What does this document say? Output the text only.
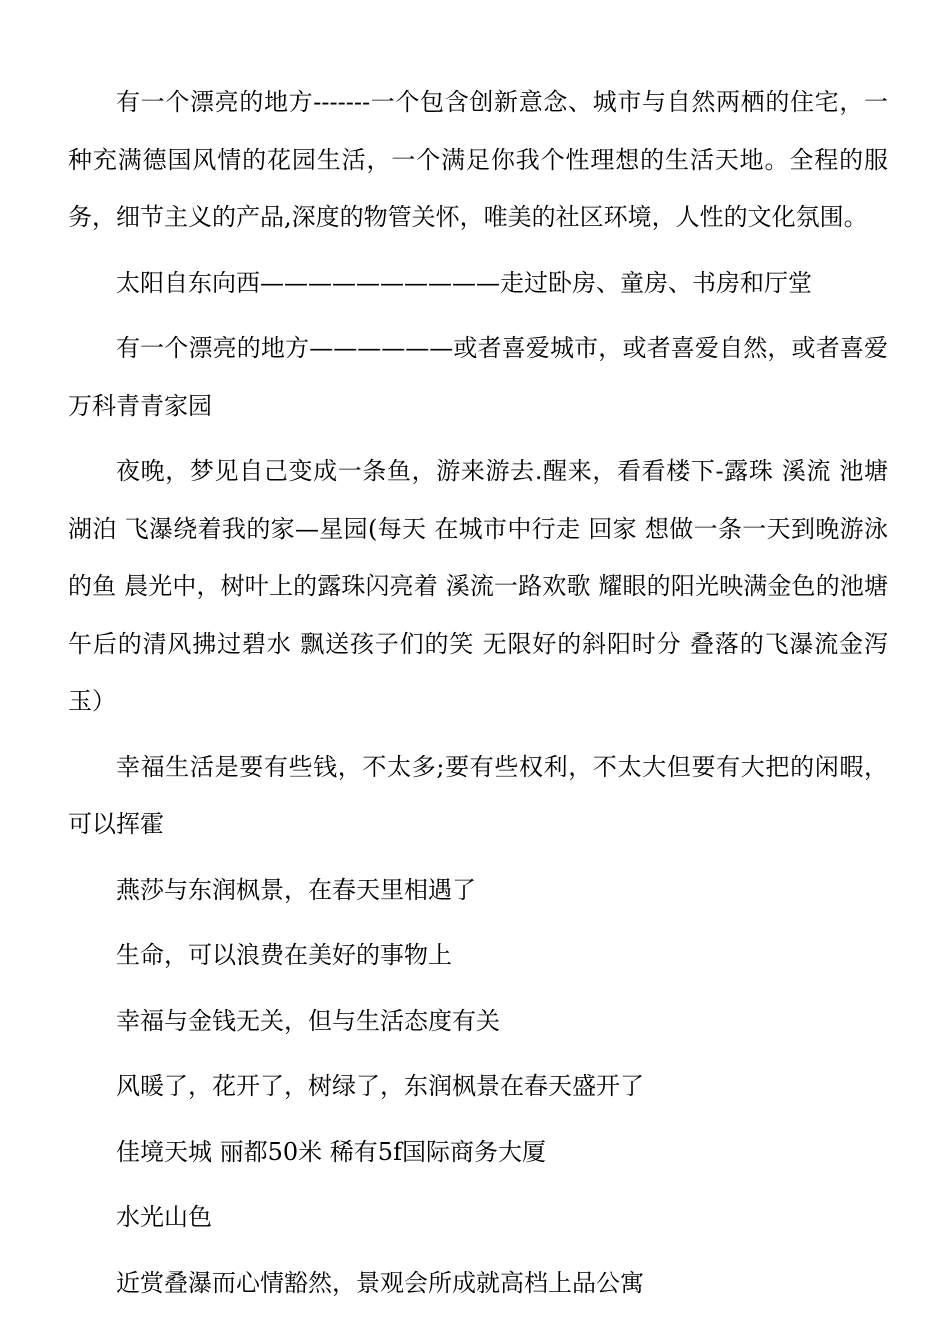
有一个漂亮的地方-------一个包含创新意念、城市与自然两栖的住宅，一种充满德国风情的花园生活，一个满足你我个性理想的生活天地。全程的服务，细节主义的产品,深度的物管关怀，唯美的社区环境，人性的文化氛围。

太阳自东向西——————————走过卧房、童房、书房和厅堂

有一个漂亮的地方——————或者喜爱城市，或者喜爱自然，或者喜爱万科青青家园

夜晚，梦见自己变成一条鱼，游来游去.醒来，看看楼下-露珠 溪流 池塘 湖泊 飞瀑绕着我的家—星园(每天 在城市中行走 回家 想做一条一天到晚游泳的鱼 晨光中，树叶上的露珠闪亮着 溪流一路欢歌 耀眼的阳光映满金色的池塘 午后的清风拂过碧水 飘送孩子们的笑 无限好的斜阳时分 叠落的飞瀑流金泻玉）

幸福生活是要有些钱，不太多;要有些权利，不太大但要有大把的闲暇，可以挥霍

燕莎与东润枫景，在春天里相遇了

生命，可以浪费在美好的事物上

幸福与金钱无关，但与生活态度有关

风暖了，花开了，树绿了，东润枫景在春天盛开了

佳境天城 丽都50米 稀有5f国际商务大厦

水光山色

近赏叠瀑而心情豁然，景观会所成就高档上品公寓
